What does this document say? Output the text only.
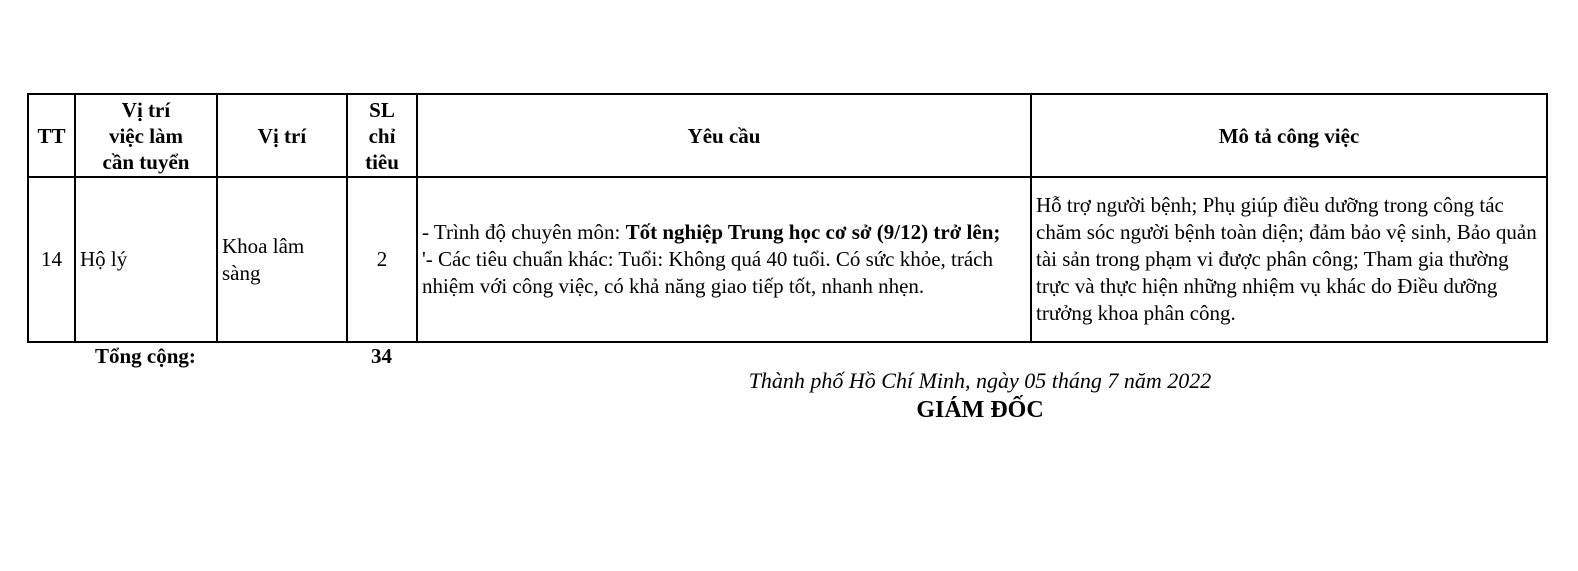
TT	Vị trí
việc làm
cần tuyển	Vị trí	SL
chỉ
tiêu	Yêu cầu	Mô tả công việc
14	Hộ lý	Khoa lâm sàng	2	- Trình độ chuyên môn: Tốt nghiệp Trung học cơ sở (9/12) trở lên;
'- Các tiêu chuẩn khác: Tuổi: Không quá 40 tuổi. Có sức khỏe, trách nhiệm với công việc, có khả năng giao tiếp tốt, nhanh nhẹn.	Hỗ trợ người bệnh; Phụ giúp điều dưỡng trong công tác chăm sóc người bệnh toàn diện; đảm bảo vệ sinh, Bảo quản tài sản trong phạm vi được phân công; Tham gia thường trực và thực hiện những nhiệm vụ khác do Điều dưỡng trưởng khoa phân công.
Tổng cộng:	34
Thành phố Hồ Chí Minh, ngày 05 tháng 7 năm 2022
GIÁM ĐỐC
